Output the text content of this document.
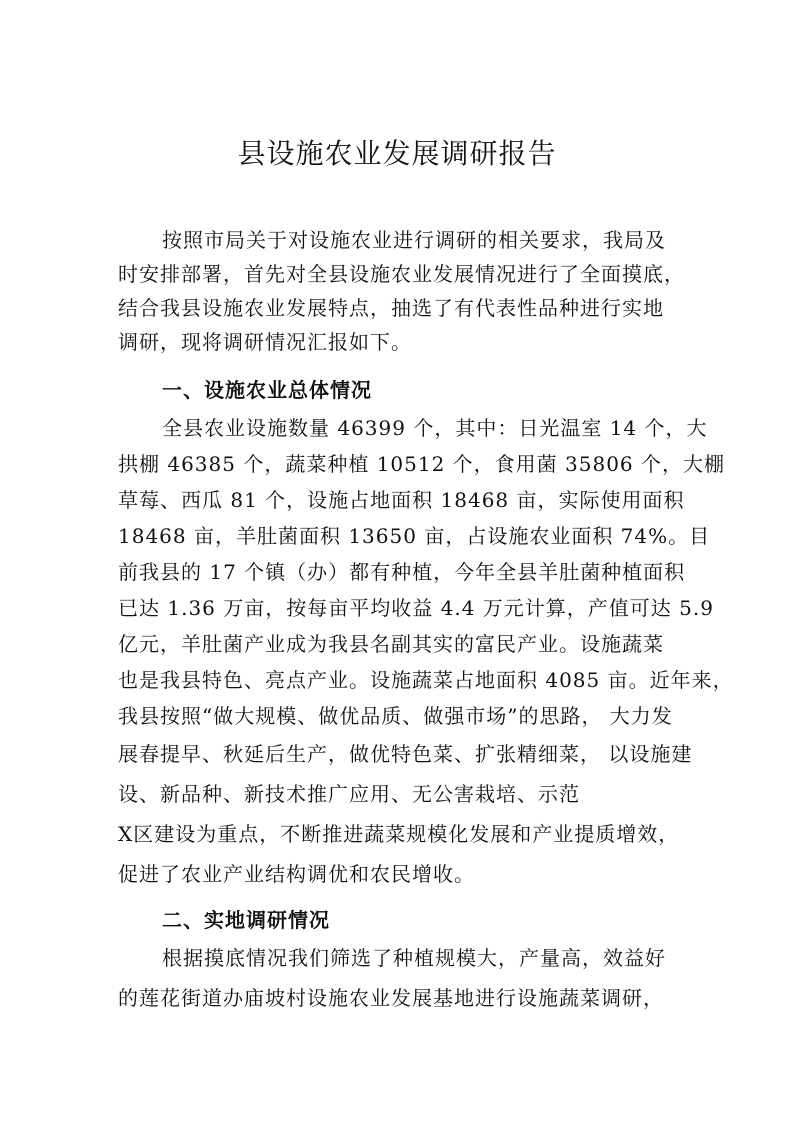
县设施农业发展调研报告
按照市局关于对设施农业进行调研的相关要求，我局及
时安排部署，首先对全县设施农业发展情况进行了全面摸底，
结合我县设施农业发展特点，抽选了有代表性品种进行实地
调研，现将调研情况汇报如下。
一、设施农业总体情况
全县农业设施数量 46399 个，其中：日光温室 14 个，大
拱棚 46385 个，蔬菜种植 10512 个，食用菌 35806 个，大棚
草莓、西瓜 81 个，设施占地面积 18468 亩，实际使用面积
18468 亩，羊肚菌面积 13650 亩，占设施农业面积 74%。目
前我县的 17 个镇（办）都有种植，今年全县羊肚菌种植面积
已达 1.36 万亩，按每亩平均收益 4.4 万元计算，产值可达 5.9
亿元，羊肚菌产业成为我县名副其实的富民产业。设施蔬菜
也是我县特色、亮点产业。设施蔬菜占地面积 4085 亩。近年来，
我县按照“做大规模、做优品质、做强市场”的思路， 大力发
展春提早、秋延后生产，做优特色菜、扩张精细菜， 以设施建
设、新品种、新技术推广应用、无公害栽培、示范
X区建设为重点，不断推进蔬菜规模化发展和产业提质增效，
促进了农业产业结构调优和农民增收。
二、实地调研情况
根据摸底情况我们筛选了种植规模大，产量高，效益好
的莲花街道办庙坡村设施农业发展基地进行设施蔬菜调研，
